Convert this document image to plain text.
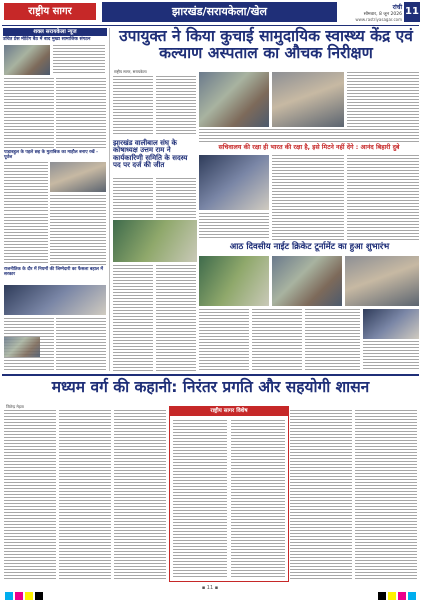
राष्ट्रीय सागर	झारखंड/सरायकेला/खेल	रांची
सोमवार, 8 जून 2026
www.rastriyasagar.com
11
शक्ल सरायकेला न्यूज
उचित प्रेस मीटिंग बैठ में बाद मुख्य सामाजिक संगठन
पाड़ाबहुल के पहले छह के मुताबिक का माहौल बनाए रखें - पूर्वज
राजनीतिक के दौर में नियमों की जिम्मेदारी का फैसला बहाल में सरकार
उपायुक्त ने किया कुचाई सामुदायिक स्वास्थ्य केंद्र एवं कल्याण अस्पताल का औचक निरीक्षण
राष्ट्रीय सागर, सरायकेला
झारखंड वालीबाल संघ के कोषाध्यक्ष उत्तम राम ने कार्यकारिणी समिति के सदस्य पद पर दर्ज की जीत
सचिवालय की रक्षा ही भारत की रक्षा है, इसे मिटने नहीं देंगे : आनंद बिहारी दुबे
आठ दिवसीय नाईट क्रिकेट टूर्नामेंट का हुआ शुभारंभ
मध्यम वर्ग की कहानी: निरंतर प्रगति और सहयोगी शासन
जितेन्द्र मेहता
राष्ट्रीय सागर विशेष
▪ 11 ▪
